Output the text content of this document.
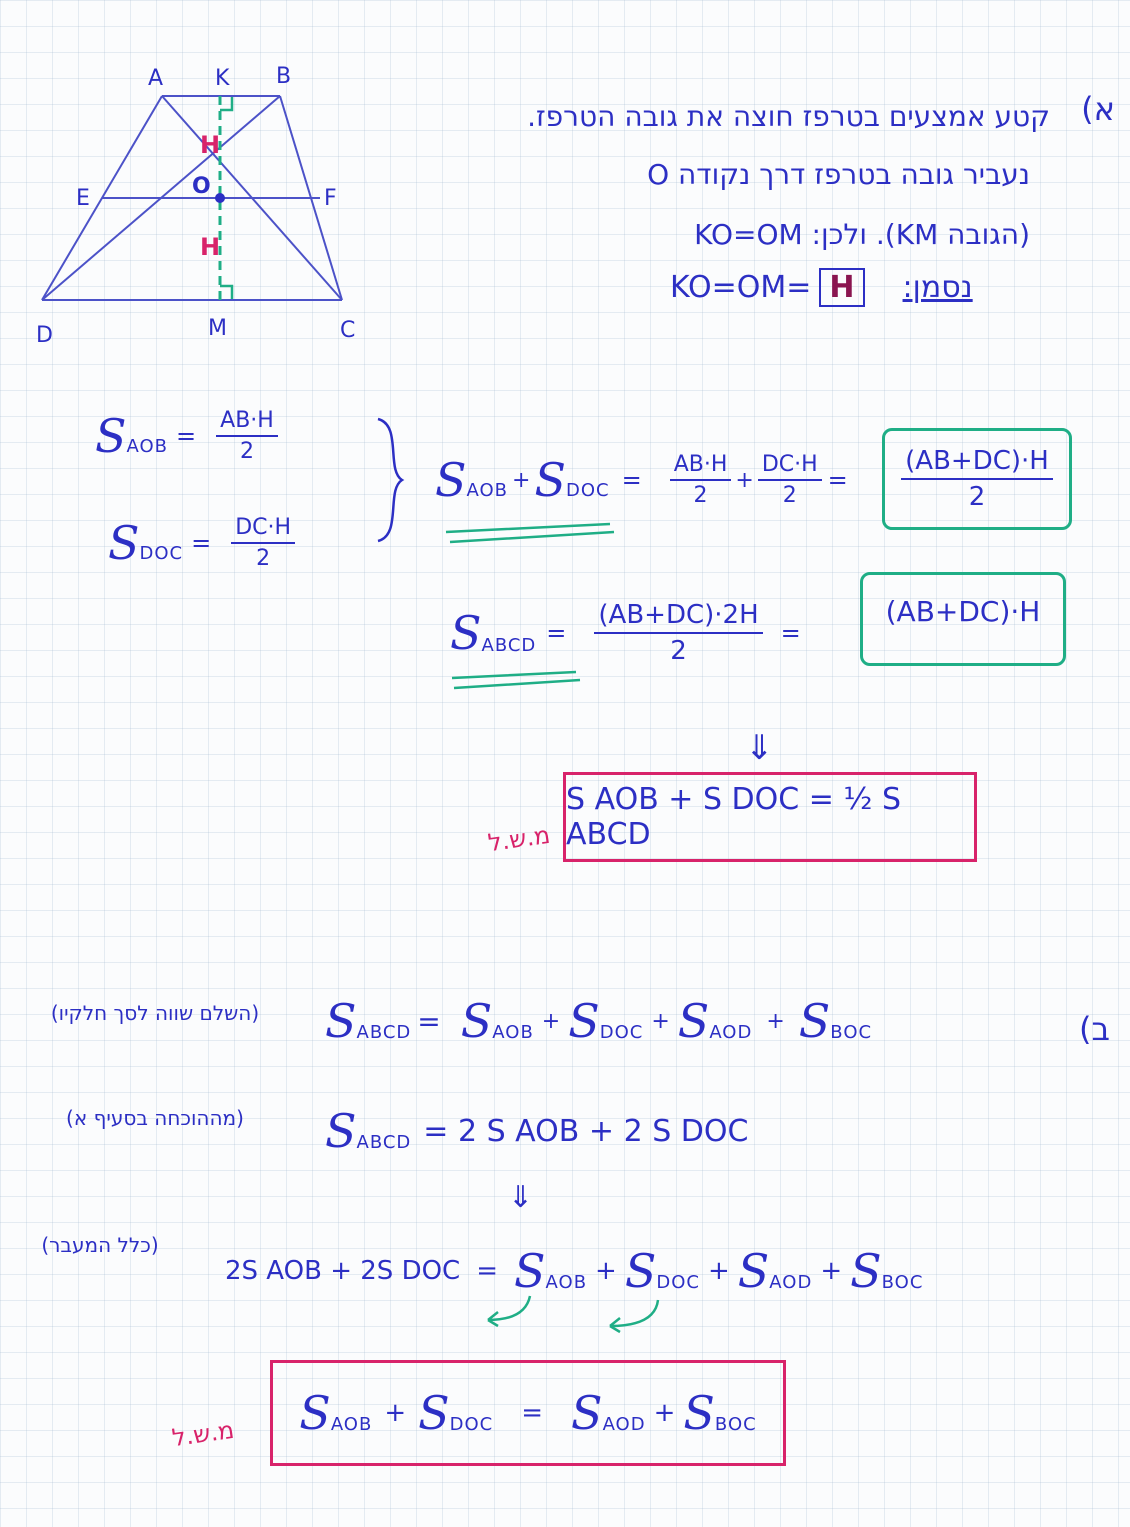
A K B
E	O	F
D	M	C
H
H
א)
קטע אמצעים בטרפז חוצה את גובה הטרפז.
נעביר גובה בטרפז דרך נקודה O
(הגובה KM). ולכן: KO=OM
KO=OM= H	נסמן:
S AOB = $\frac{AB\cdot H}{2}$
S DOC = $\frac{DC\cdot H}{2}$
S AOB + S DOC = $\frac{AB\cdot H}{2} + \frac{DC\cdot H}{2} = \frac{(AB+DC)\cdot H}{2}$
S ABCD = $\frac{(AB+DC)\cdot 2H}{2}$ =
(AB+DC)·H
⇓
S AOB + S DOC = ½ S ABCD
מ.ש.ל
ב)
(השלם שווה לסך חלקיו)
(מההוכחה בסעיף א)
(כלל המעבר)
S ABCD = S AOB + S DOC + S AOD + S BOC
S ABCD = 2 S AOB + 2 S DOC
⇓
2S AOB + 2S DOC = S AOB + S DOC + S AOD + S BOC
S AOB + S DOC = S AOD + S BOC
מ.ש.ל
